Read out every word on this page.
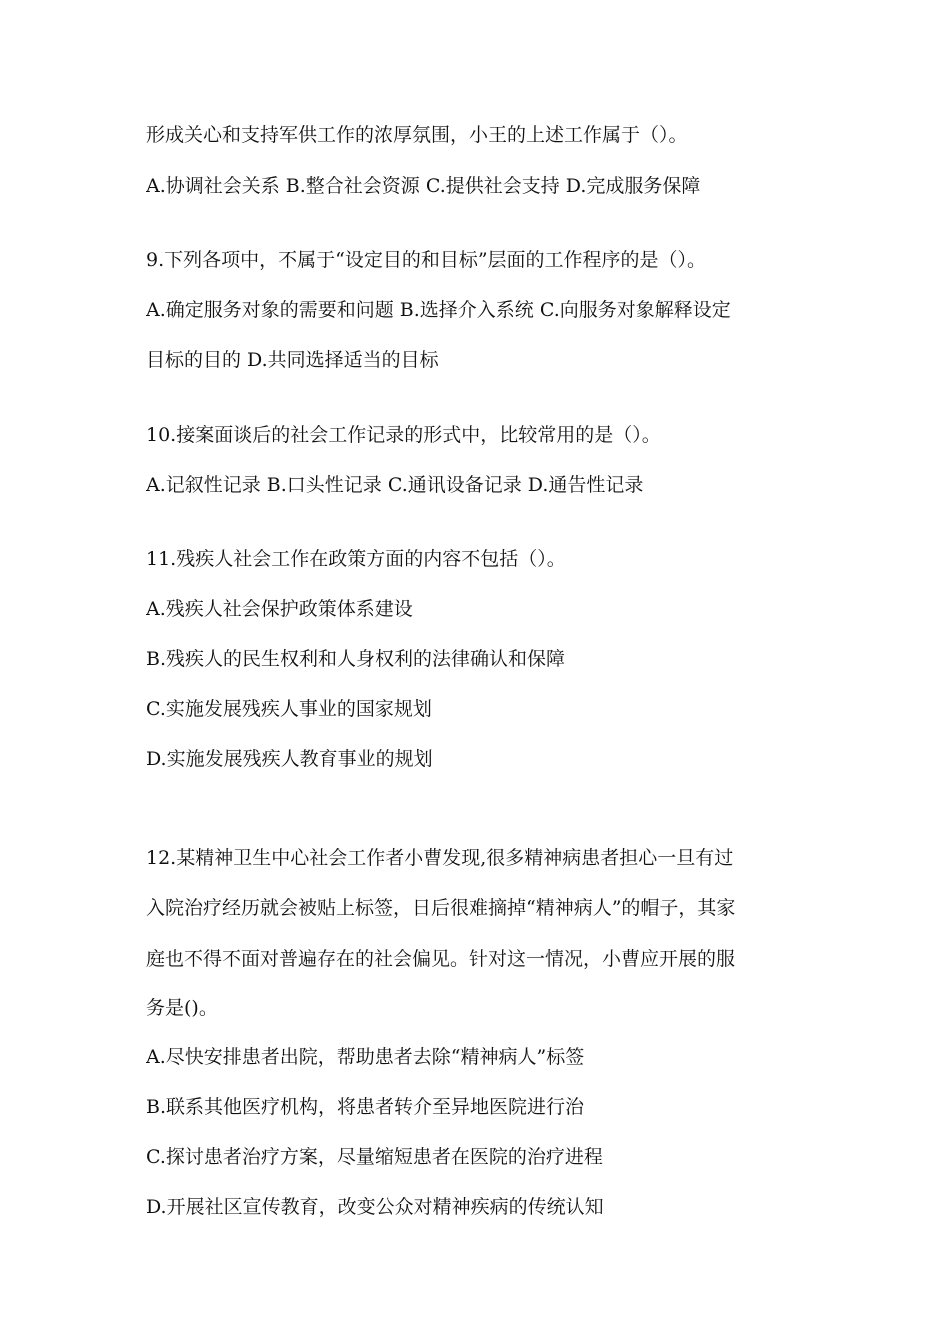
形成关心和支持军供工作的浓厚氛围，小王的上述工作属于（）。
A.协调社会关系 B.整合社会资源 C.提供社会支持 D.完成服务保障
9.下列各项中，不属于“设定目的和目标”层面的工作程序的是（）。
A.确定服务对象的需要和问题 B.选择介入系统 C.向服务对象解释设定
目标的目的 D.共同选择适当的目标
10.接案面谈后的社会工作记录的形式中，比较常用的是（）。
A.记叙性记录 B.口头性记录 C.通讯设备记录 D.通告性记录
11.残疾人社会工作在政策方面的内容不包括（）。
A.残疾人社会保护政策体系建设
B.残疾人的民生权利和人身权利的法律确认和保障
C.实施发展残疾人事业的国家规划
D.实施发展残疾人教育事业的规划
12.某精神卫生中心社会工作者小曹发现,很多精神病患者担心一旦有过
入院治疗经历就会被贴上标签，日后很难摘掉“精神病人”的帽子，其家
庭也不得不面对普遍存在的社会偏见。针对这一情况，小曹应开展的服
务是()。
A.尽快安排患者出院，帮助患者去除“精神病人”标签
B.联系其他医疗机构，将患者转介至异地医院进行治
C.探讨患者治疗方案，尽量缩短患者在医院的治疗进程
D.开展社区宣传教育，改变公众对精神疾病的传统认知
